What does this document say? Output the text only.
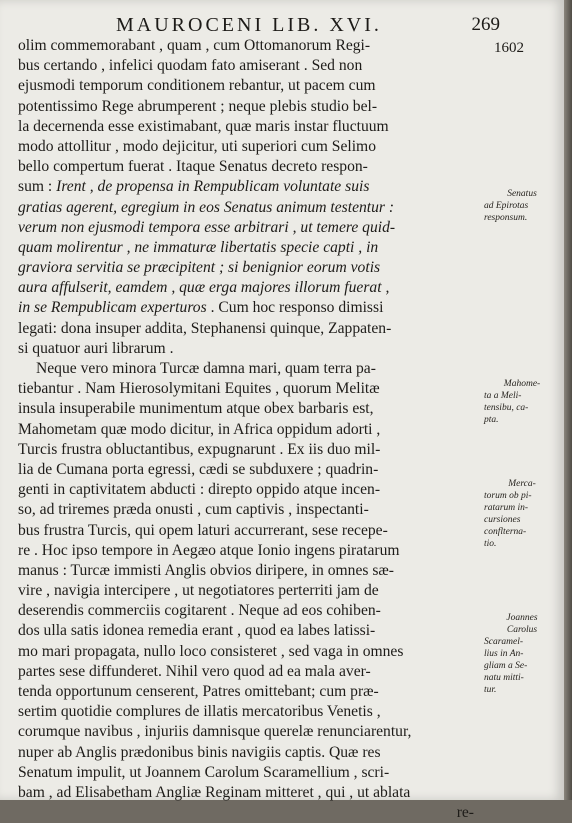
MAUROCENI LIB. XVI.	269
1602
olim commemorabant , quam , cum Ottomanorum Regi-
bus certando , infelici quodam fato amiserant . Sed non
ejusmodi temporum conditionem rebantur, ut pacem cum
potentissimo Rege abrumperent ; neque plebis studio bel-
la decernenda esse existimabant, quæ maris instar fluctuum
modo attollitur , modo dejicitur, uti superiori cum Selimo
bello compertum fuerat . Itaque Senatus decreto respon-
sum : Irent , de propensa in Rempublicam voluntate suis
gratias agerent, egregium in eos Senatus animum testentur :
verum non ejusmodi tempora esse arbitrari , ut temere quid-
quam molirentur , ne immaturæ libertatis specie capti , in
graviora servitia se præcipitent ; si benignior eorum votis
aura affulserit, eamdem , quæ erga majores illorum fuerat ,
in se Rempublicam experturos . Cum hoc responso dimissi
legati: dona insuper addita, Stephanensi quinque, Zappaten-
si quatuor auri librarum .
Neque vero minora Turcæ damna mari, quam terra pa-
tiebantur . Nam Hierosolymitani Equites , quorum Melitæ
insula insuperabile munimentum atque obex barbaris est,
Mahometam quæ modo dicitur, in Africa oppidum adorti ,
Turcis frustra obluctantibus, expugnarunt . Ex iis duo mil-
lia de Cumana porta egressi, cædi se subduxere ; quadrin-
genti in captivitatem abducti : direpto oppido atque incen-
so, ad triremes præda onusti , cum captivis , inspectanti-
bus frustra Turcis, qui opem laturi accurrerant, sese recepe-
re . Hoc ipso tempore in Aegæo atque Ionio ingens piratarum
manus : Turcæ immisti Anglis obvios diripere, in omnes sæ-
vire , navigia intercipere , ut negotiatores perterriti jam de
deserendis commerciis cogitarent . Neque ad eos cohiben-
dos ulla satis idonea remedia erant , quod ea labes latissi-
mo mari propagata, nullo loco consisteret , sed vaga in omnes
partes sese diffunderet. Nihil vero quod ad ea mala aver-
tenda opportunum censerent, Patres omittebant; cum præ-
sertim quotidie complures de illatis mercatoribus Venetis ,
corumque navibus , injuriis damnisque querelæ renunciarentur,
nuper ab Anglis prædonibus binis navigiis captis. Quæ res
Senatum impulit, ut Joannem Carolum Scaramellium , scri-
bam , ad Elisabetham Angliæ Reginam mitteret , qui , ut ablata
re-
Senatus
ad Epirotas
responsum.
Mahome-
ta a Meli-
tensibu, ca-
pta.
Merca-
torum ob pi-
ratarum in-
cursiones
conflterna-
tio.
Joannes
Carolus
Scaramel-
lius in An-
gliam a Se-
natu mitti-
tur.
